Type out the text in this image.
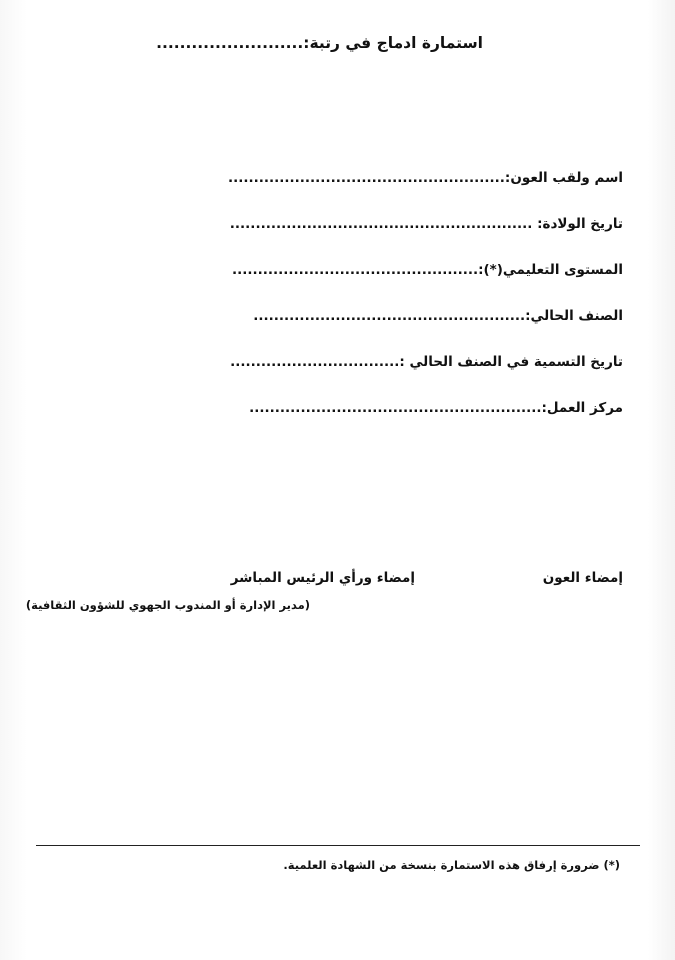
استمارة ادماج في رتبة:.........................
اسم ولقب العون:......................................................
تاريخ الولادة: ...........................................................
المستوى التعليمي(*):................................................
الصنف الحالي:.....................................................
تاريخ التسمية في الصنف الحالي :.................................
مركز العمل:.........................................................
إمضاء العون
إمضاء ورأي الرئيس المباشر
(مدير الإدارة أو المندوب الجهوي للشؤون الثقافية)
(*) ضرورة إرفاق هذه الاستمارة بنسخة من الشهادة العلمية.
